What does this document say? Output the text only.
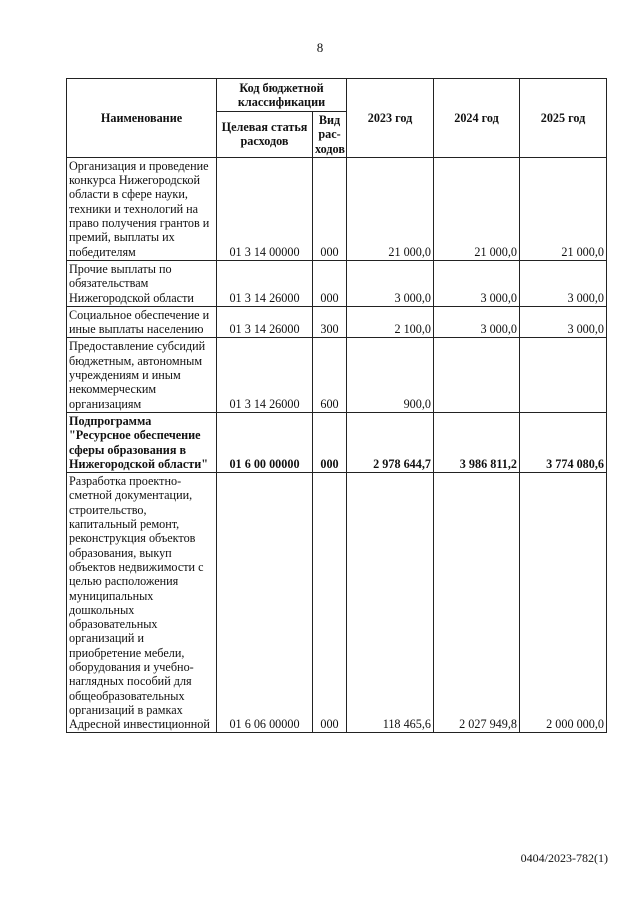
8
Наименование	Код бюджетной классификации		2023 год	2024 год	2025 год
	Целевая статья расходов	Вид рас-ходов			
Организация и проведение конкурса Нижегородской области в сфере науки, техники и технологий на право получения грантов и премий, выплаты их победителям	01 3 14 00000	000	21 000,0	21 000,0	21 000,0
Прочие выплаты по обязательствам Нижегородской области	01 3 14 26000	000	3 000,0	3 000,0	3 000,0
Социальное обеспечение и иные выплаты населению	01 3 14 26000	300	2 100,0	3 000,0	3 000,0
Предоставление субсидий бюджетным, автономным учреждениям и иным некоммерческим организациям	01 3 14 26000	600	900,0		
Подпрограмма "Ресурсное обеспечение сферы образования в Нижегородской области"	01 6 00 00000	000	2 978 644,7	3 986 811,2	3 774 080,6
Разработка проектно-сметной документации, строительство, капитальный ремонт, реконструкция объектов образования, выкуп объектов недвижимости с целью расположения муниципальных дошкольных образовательных организаций и приобретение мебели, оборудования и учебно-наглядных пособий для общеобразовательных организаций в рамках Адресной инвестиционной	01 6 06 00000	000	118 465,6	2 027 949,8	2 000 000,0
0404/2023-782(1)
